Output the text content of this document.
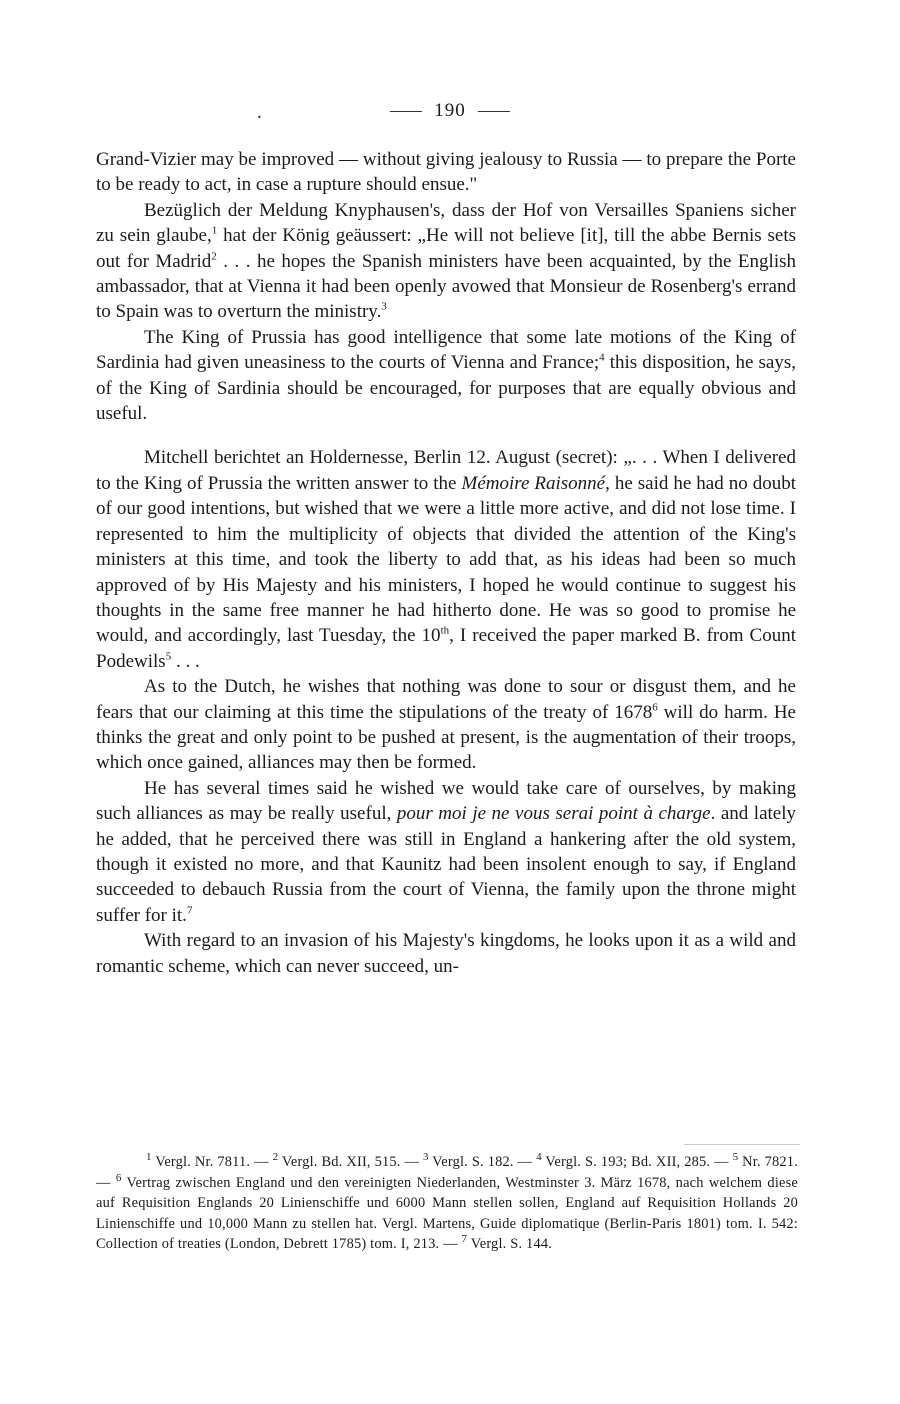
.	190

Grand-Vizier may be improved — without giving jealousy to Russia — to prepare the Porte to be ready to act, in case a rupture should ensue."

Bezüglich der Meldung Knyphausen's, dass der Hof von Versailles Spaniens sicher zu sein glaube,$^1$ hat der König geäussert: „He will not believe [it], till the abbe Bernis sets out for Madrid$^2$ . . . he hopes the Spanish ministers have been acquainted, by the English ambassador, that at Vienna it had been openly avowed that Monsieur de Rosenberg's errand to Spain was to overturn the ministry.$^3$

The King of Prussia has good intelligence that some late motions of the King of Sardinia had given uneasiness to the courts of Vienna and France;$^4$ this disposition, he says, of the King of Sardinia should be encouraged, for purposes that are equally obvious and useful.

Mitchell berichtet an Holdernesse, Berlin 12. August (secret): „. . . When I delivered to the King of Prussia the written answer to the Mémoire Raisonné, he said he had no doubt of our good intentions, but wished that we were a little more active, and did not lose time. I represented to him the multiplicity of objects that divided the attention of the King's ministers at this time, and took the liberty to add that, as his ideas had been so much approved of by His Majesty and his ministers, I hoped he would continue to suggest his thoughts in the same free manner he had hitherto done. He was so good to promise he would, and accordingly, last Tuesday, the 10th, I received the paper marked B. from Count Podewils$^5$ . . .

As to the Dutch, he wishes that nothing was done to sour or disgust them, and he fears that our claiming at this time the stipulations of the treaty of 1678$^6$ will do harm. He thinks the great and only point to be pushed at present, is the augmentation of their troops, which once gained, alliances may then be formed.

He has several times said he wished we would take care of ourselves, by making such alliances as may be really useful, pour moi je ne vous serai point à charge. and lately he added, that he perceived there was still in England a hankering after the old system, though it existed no more, and that Kaunitz had been insolent enough to say, if England succeeded to debauch Russia from the court of Vienna, the family upon the throne might suffer for it.$^7$

With regard to an invasion of his Majesty's kingdoms, he looks upon it as a wild and romantic scheme, which can never succeed, un-

$^1$ Vergl. Nr. 7811. — $^2$ Vergl. Bd. XII, 515. — $^3$ Vergl. S. 182. — $^4$ Vergl. S. 193; Bd. XII, 285. — $^5$ Nr. 7821. — $^6$ Vertrag zwischen England und den vereinigten Niederlanden, Westminster 3. März 1678, nach welchem diese auf Requisition Englands 20 Linienschiffe und 6000 Mann stellen sollen, England auf Requisition Hollands 20 Linienschiffe und 10,000 Mann zu stellen hat. Vergl. Martens, Guide diplomatique (Berlin-Paris 1801) tom. I. 542: Collection of treaties (London, Debrett 1785) tom. I, 213. — $^7$ Vergl. S. 144.
